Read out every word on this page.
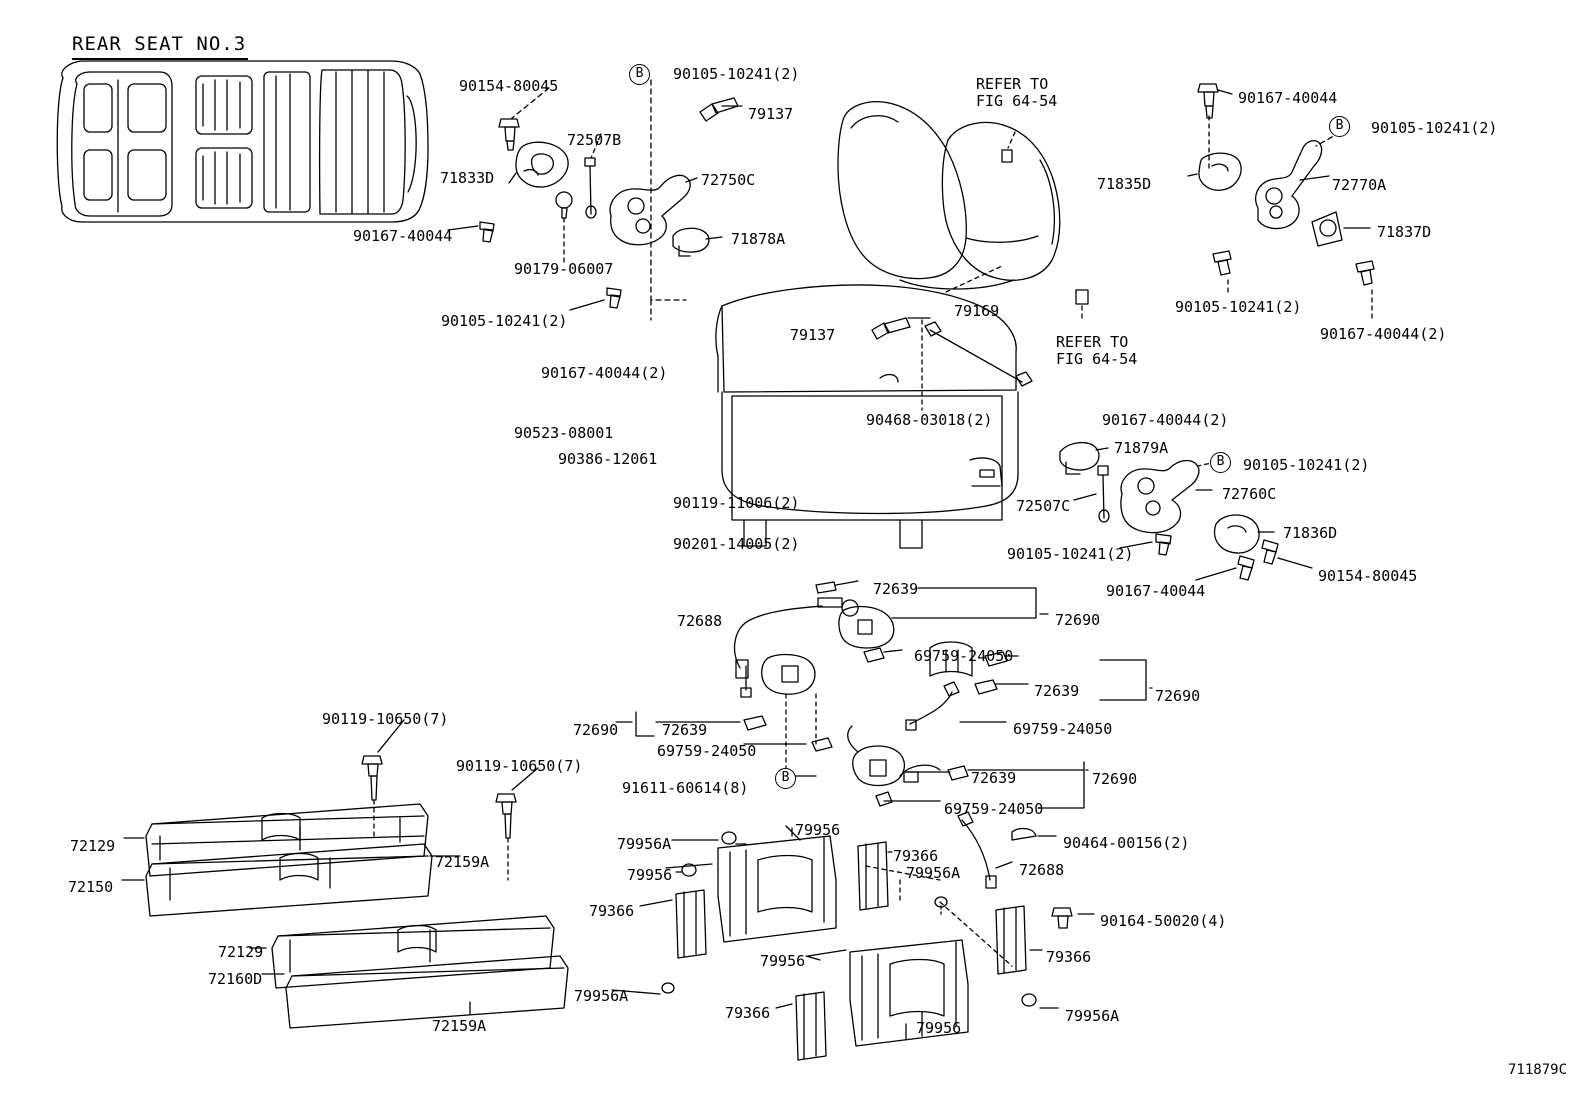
REAR SEAT NO.3
REFER TO
FIG 64-54
REFER TO
FIG 64-54
B
B
B
B
90154-80045
90105-10241(2)
79137
72507B
71833D	72750C
90167-40044
90179-06007
71878A
90105-10241(2)
90167-40044(2)
90523-08001
90386-12061
90119-11006(2)
90201-14005(2)
79137
90468-03018(2)
79169
90167-40044
90105-10241(2)
71835D	72770A
71837D
90105-10241(2)
90167-40044(2)
90167-40044(2)
71879A
90105-10241(2)
72507C
72760C
71836D
90105-10241(2)
90167-40044
90154-80045
72639
72688	72690
69759-24050
72639	72690
72690	72639	69759-24050
69759-24050
72639	72690
91611-60614(8)
69759-24050
90119-10650(7)
90119-10650(7)
72129
72159A
72150
72129
72160D
72159A
79956A
79956
79366
79956	79956A	72688
90464-00156(2)
79366
90164-50020(4)
79956	79366
79366
79956
79956A
79956A
711879C
